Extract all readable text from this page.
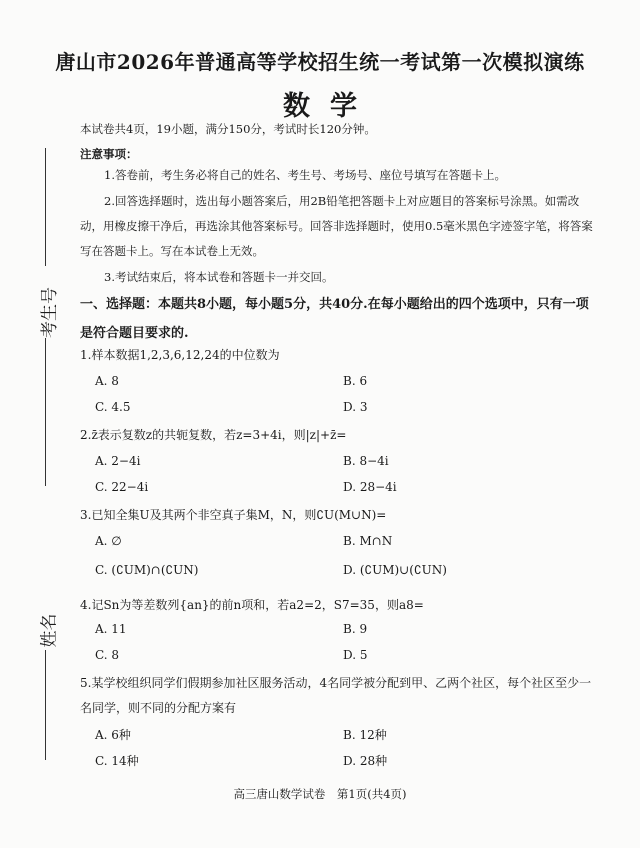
唐山市2026年普通高等学校招生统一考试第一次模拟演练
数学
考生号
姓名
本试卷共4页，19小题，满分150分，考试时长120分钟。
注意事项：
1.答卷前，考生务必将自己的姓名、考生号、考场号、座位号填写在答题卡上。
2.回答选择题时，选出每小题答案后，用2B铅笔把答题卡上对应题目的答案标号涂黑。如需改动，用橡皮擦干净后，再选涂其他答案标号。回答非选择题时，使用0.5毫米黑色字迹签字笔，将答案写在答题卡上。写在本试卷上无效。
3.考试结束后，将本试卷和答题卡一并交回。
一、选择题：本题共8小题，每小题5分，共40分.在每小题给出的四个选项中，只有一项是符合题目要求的.
1.样本数据1,2,3,6,12,24的中位数为
A. 8	B. 6
C. 4.5	D. 3
2.z̄表示复数z的共轭复数，若z=3+4i，则|z|+z̄=
A. 2−4i	B. 8−4i
C. 22−4i	D. 28−4i
3.已知全集U及其两个非空真子集M，N，则∁U(M∪N)=
A. ∅	B. M∩N
C. (∁UM)∩(∁UN)	D. (∁UM)∪(∁UN)
4.记Sn为等差数列{an}的前n项和，若a2=2，S7=35，则a8=
A. 11	B. 9
C. 8	D. 5
5.某学校组织同学们假期参加社区服务活动，4名同学被分配到甲、乙两个社区，每个社区至少一名同学，则不同的分配方案有
A. 6种	B. 12种
C. 14种	D. 28种
高三唐山数学试卷　第1页(共4页)
